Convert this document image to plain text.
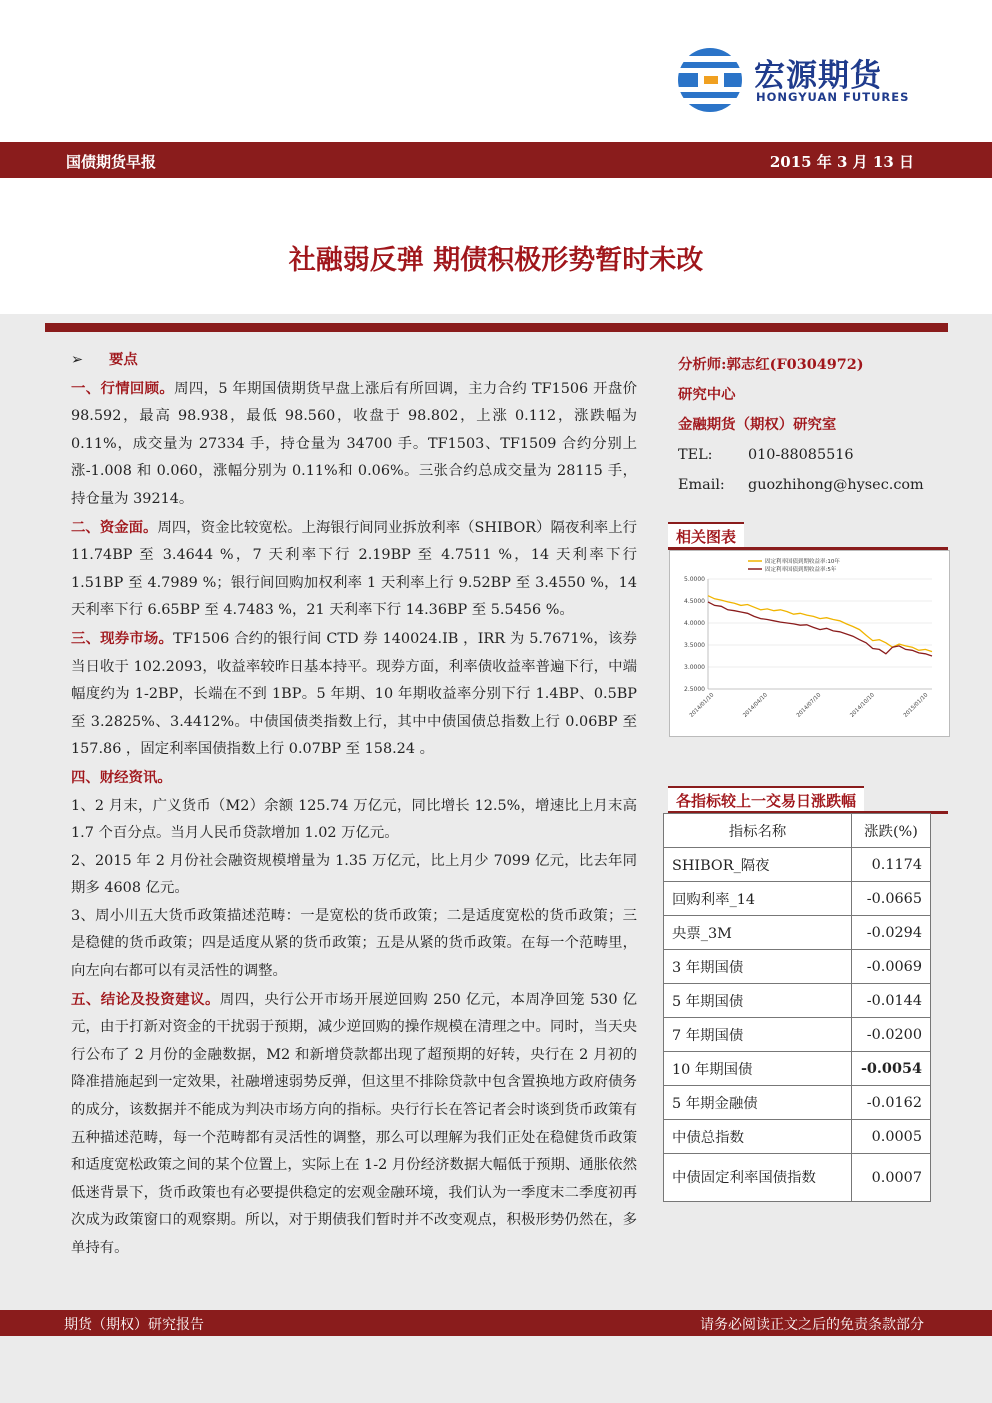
宏源期货
HONGYUAN FUTURES
国债期货早报	2015 年 3 月 13 日
社融弱反弹 期债积极形势暂时未改

➢ 要点

一、行情回顾。周四，5 年期国债期货早盘上涨后有所回调，主力合约 TF1506 开盘价 98.592，最高 98.938，最低 98.560，收盘于 98.802，上涨 0.112，涨跌幅为 0.11%，成交量为 27334 手，持仓量为 34700 手。TF1503、TF1509 合约分别上涨-1.008 和 0.060，涨幅分别为 0.11%和 0.06%。三张合约总成交量为 28115 手，持仓量为 39214。

二、资金面。周四，资金比较宽松。上海银行间同业拆放利率（SHIBOR）隔夜利率上行 11.74BP 至 3.4644 %，7 天利率下行 2.19BP 至 4.7511 %，14 天利率下行 1.51BP 至 4.7989 %；银行间回购加权利率 1 天利率上行 9.52BP 至 3.4550 %，14 天利率下行 6.65BP 至 4.7483 %，21 天利率下行 14.36BP 至 5.5456 %。

三、现券市场。TF1506 合约的银行间 CTD 券 140024.IB ，IRR 为 5.7671%，该券当日收于 102.2093，收益率较昨日基本持平。现券方面，利率债收益率普遍下行，中端幅度约为 1-2BP，长端在不到 1BP。5 年期、10 年期收益率分别下行 1.4BP、0.5BP 至 3.2825%、3.4412%。中债国债类指数上行，其中中债国债总指数上行 0.06BP 至 157.86 ，固定利率国债指数上行 0.07BP 至 158.24 。

四、财经资讯。

1、2 月末，广义货币（M2）余额 125.74 万亿元，同比增长 12.5%，增速比上月末高 1.7 个百分点。当月人民币贷款增加 1.02 万亿元。

2、2015 年 2 月份社会融资规模增量为 1.35 万亿元，比上月少 7099 亿元，比去年同期多 4608 亿元。

3、周小川五大货币政策描述范畴：一是宽松的货币政策；二是适度宽松的货币政策；三是稳健的货币政策；四是适度从紧的货币政策；五是从紧的货币政策。在每一个范畴里，向左向右都可以有灵活性的调整。

五、结论及投资建议。周四，央行公开市场开展逆回购 250 亿元，本周净回笼 530 亿元，由于打新对资金的干扰弱于预期，减少逆回购的操作规模在清理之中。同时，当天央行公布了 2 月份的金融数据，M2 和新增贷款都出现了超预期的好转，央行在 2 月初的降准措施起到一定效果，社融增速弱势反弹，但这里不排除贷款中包含置换地方政府债务的成分，该数据并不能成为判决市场方向的指标。央行行长在答记者会时谈到货币政策有五种描述范畴，每一个范畴都有灵活性的调整，那么可以理解为我们正处在稳健货币政策和适度宽松政策之间的某个位置上，实际上在 1-2 月份经济数据大幅低于预期、通胀依然低迷背景下，货币政策也有必要提供稳定的宏观金融环境，我们认为一季度末二季度初再次成为政策窗口的观察期。所以，对于期债我们暂时并不改变观点，积极形势仍然在，多单持有。

分析师:郭志红(F0304972)
研究中心
金融期货（期权）研究室
TEL: 010-88085516
Email: guozhihong@hysec.com
相关图表
5.0000
4.5000
4.0000
3.5000
3.0000
2.5000
2014/01/10	2014/04/10	2014/07/10	2014/10/10	2015/01/10
固定利率国债到期收益率:10年
固定利率国债到期收益率:5年
各指标较上一交易日涨跌幅
指标名称	涨跌(%)
SHIBOR_隔夜	0.1174
回购利率_14	-0.0665
央票_3M	-0.0294
3 年期国债	-0.0069
5 年期国债	-0.0144
7 年期国债	-0.0200
10 年期国债	-0.0054
5 年期金融债	-0.0162
中债总指数	0.0005
中债固定利率国债指数	0.0007
期货（期权）研究报告	请务必阅读正文之后的免责条款部分
